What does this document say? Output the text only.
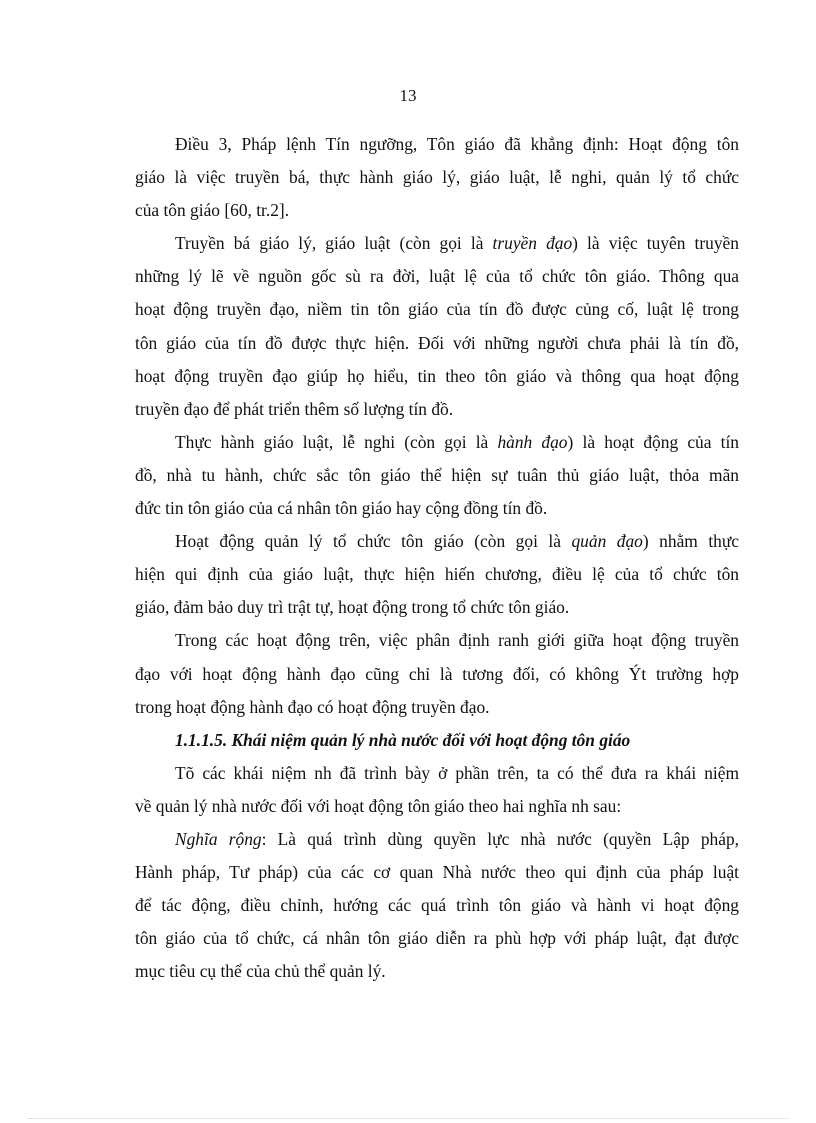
13
Điều 3, Pháp lệnh Tín ngưỡng, Tôn giáo đã khẳng định: Hoạt động tôn
giáo là việc truyền bá, thực hành giáo lý, giáo luật, lễ nghi, quản lý tổ chức
của tôn giáo [60, tr.2].
Truyền bá giáo lý, giáo luật (còn gọi là truyền đạo) là việc tuyên truyền
những lý lẽ về nguồn gốc sù ra đời, luật lệ của tổ chức tôn giáo. Thông qua
hoạt động truyền đạo, niềm tin tôn giáo của tín đồ được củng cố, luật lệ trong
tôn giáo của tín đồ được thực hiện. Đối với những người chưa phải là tín đồ,
hoạt động truyền đạo giúp họ hiểu, tin theo tôn giáo và thông qua hoạt động
truyền đạo để phát triển thêm số lượng tín đồ.
Thực hành giáo luật, lễ nghi (còn gọi là hành đạo) là hoạt động của tín
đồ, nhà tu hành, chức sắc tôn giáo thể hiện sự tuân thủ giáo luật, thỏa mãn
đức tin tôn giáo của cá nhân tôn giáo hay cộng đồng tín đồ.
Hoạt động quản lý tổ chức tôn giáo (còn gọi là quản đạo) nhằm thực
hiện qui định của giáo luật, thực hiện hiến chương, điều lệ của tổ chức tôn
giáo, đảm bảo duy trì trật tự, hoạt động trong tổ chức tôn giáo.
Trong các hoạt động trên, việc phân định ranh giới giữa hoạt động truyền
đạo với hoạt động hành đạo cũng chỉ là tương đối, có không Ýt trường hợp
trong hoạt động hành đạo có hoạt động truyền đạo.
1.1.1.5. Khái niệm quản lý nhà nước đối với hoạt động tôn giáo
Tõ các khái niệm nh đã trình bày ở phần trên, ta có thể đưa ra khái niệm
về quản lý nhà nước đối với hoạt động tôn giáo theo hai nghĩa nh sau:
Nghĩa rộng: Là quá trình dùng quyền lực nhà nước (quyền Lập pháp,
Hành pháp, Tư pháp) của các cơ quan Nhà nước theo qui định của pháp luật
để tác động, điều chỉnh, hướng các quá trình tôn giáo và hành vi hoạt động
tôn giáo của tổ chức, cá nhân tôn giáo diễn ra phù hợp với pháp luật, đạt được
mục tiêu cụ thể của chủ thể quản lý.
